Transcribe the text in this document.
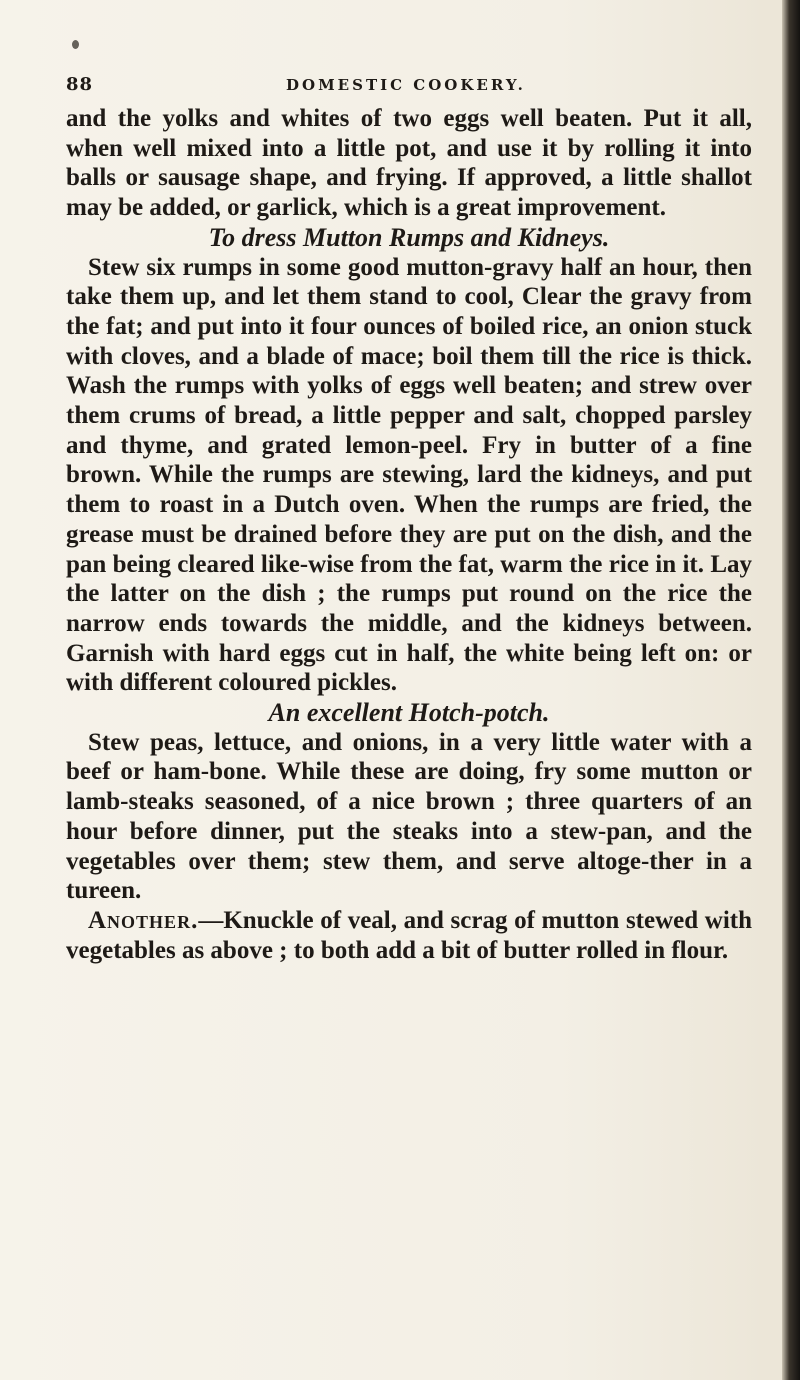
88	DOMESTIC COOKERY.

and the yolks and whites of two eggs well beaten. Put it all, when well mixed into a little pot, and use it by rolling it into balls or sausage shape, and frying. If approved, a little shallot may be added, or garlick, which is a great improvement.

To dress Mutton Rumps and Kidneys.

Stew six rumps in some good mutton-gravy half an hour, then take them up, and let them stand to cool, Clear the gravy from the fat; and put into it four ounces of boiled rice, an onion stuck with cloves, and a blade of mace; boil them till the rice is thick. Wash the rumps with yolks of eggs well beaten; and strew over them crums of bread, a little pepper and salt, chopped parsley and thyme, and grated lemon-peel. Fry in butter of a fine brown. While the rumps are stewing, lard the kidneys, and put them to roast in a Dutch oven. When the rumps are fried, the grease must be drained before they are put on the dish, and the pan being cleared like-wise from the fat, warm the rice in it. Lay the latter on the dish ; the rumps put round on the rice the narrow ends towards the middle, and the kidneys between. Garnish with hard eggs cut in half, the white being left on: or with different coloured pickles.

An excellent Hotch-potch.

Stew peas, lettuce, and onions, in a very little water with a beef or ham-bone. While these are doing, fry some mutton or lamb-steaks seasoned, of a nice brown ; three quarters of an hour before dinner, put the steaks into a stew-pan, and the vegetables over them; stew them, and serve altoge-ther in a tureen.

Another.—Knuckle of veal, and scrag of mutton stewed with vegetables as above ; to both add a bit of butter rolled in flour.
